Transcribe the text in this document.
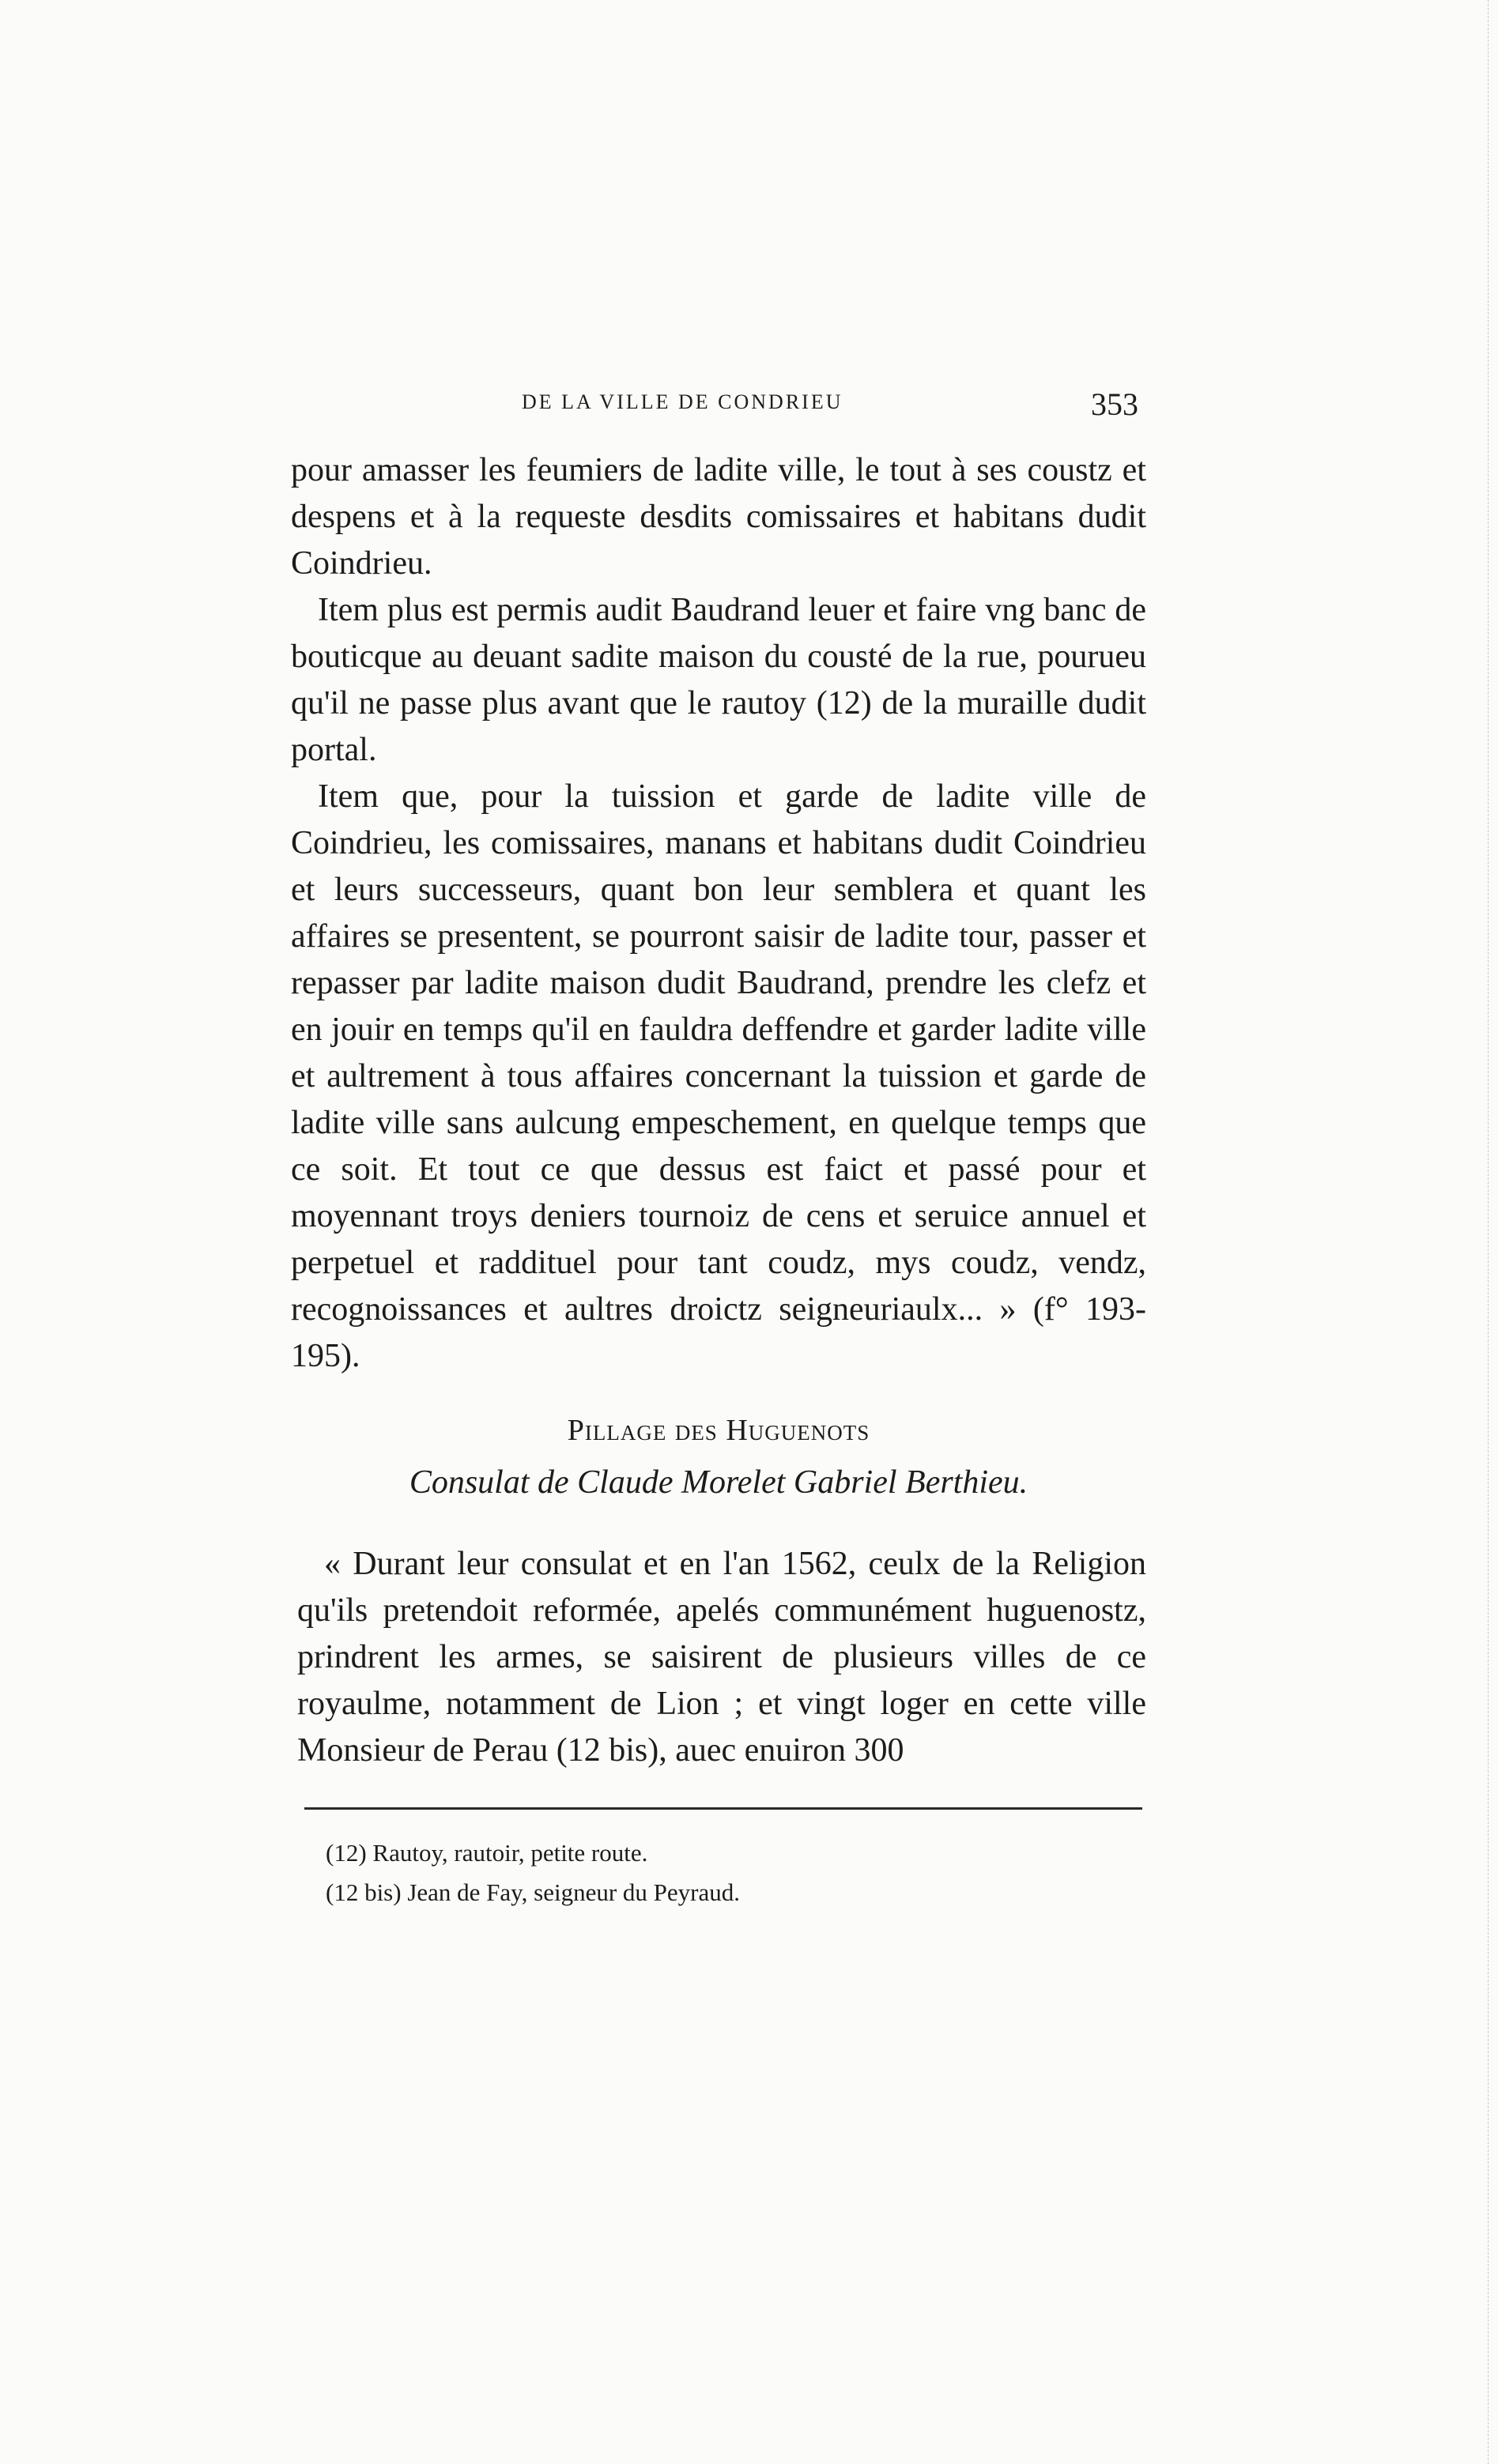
DE LA VILLE DE CONDRIEU	353

pour amasser les feumiers de ladite ville, le tout à ses coustz et despens et à la requeste desdits comissaires et habitans dudit Coindrieu.

Item plus est permis audit Baudrand leuer et faire vng banc de bouticque au deuant sadite maison du cousté de la rue, pourueu qu'il ne passe plus avant que le rautoy (12) de la muraille dudit portal.

Item que, pour la tuission et garde de ladite ville de Coindrieu, les comissaires, manans et habitans dudit Coindrieu et leurs successeurs, quant bon leur semblera et quant les affaires se presentent, se pourront saisir de ladite tour, passer et repasser par ladite maison dudit Baudrand, prendre les clefz et en jouir en temps qu'il en fauldra deffendre et garder ladite ville et aultrement à tous affaires concernant la tuission et garde de ladite ville sans aulcung empeschement, en quelque temps que ce soit. Et tout ce que dessus est faict et passé pour et moyennant troys deniers tournoiz de cens et seruice annuel et perpetuel et raddituel pour tant coudz, mys coudz, vendz, recognoissances et aultres droictz seigneuriaulx... » (f° 193-195).

Pillage des Huguenots
Consulat de Claude Morelet Gabriel Berthieu.

« Durant leur consulat et en l'an 1562, ceulx de la Religion qu'ils pretendoit reformée, apelés communément huguenostz, prindrent les armes, se saisirent de plusieurs villes de ce royaulme, notamment de Lion ; et vingt loger en cette ville Monsieur de Perau (12 bis), auec enuiron 300

(12) Rautoy, rautoir, petite route.

(12 bis) Jean de Fay, seigneur du Peyraud.
